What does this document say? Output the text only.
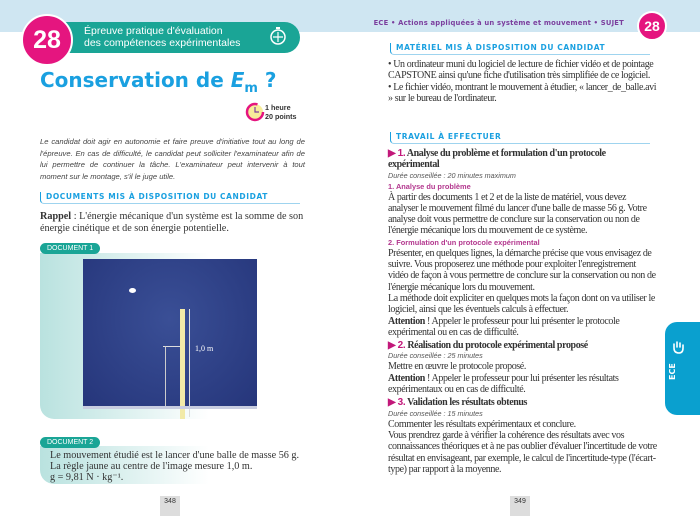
Épreuve pratique d'évaluation
des compétences expérimentales
28
Conservation de $E_m$ ?
1 heure
20 points
Le candidat doit agir en autonomie et faire preuve d'initiative tout au long de l'épreuve. En cas de difficulté, le candidat peut solliciter l'examinateur afin de lui permettre de continuer la tâche. L'examinateur peut intervenir à tout moment sur le montage, s'il le juge utile.
DOCUMENTS MIS À DISPOSITION DU CANDIDAT
Rappel : L'énergie mécanique d'un système est la somme de son énergie cinétique et de son énergie potentielle.
DOCUMENT 1
1,0 m
DOCUMENT 2
Le mouvement étudié est le lancer d'une balle de masse 56 g.
La règle jaune au centre de l'image mesure 1,0 m.
g = 9,81 N · kg⁻¹.
348
ECE • Actions appliquées à un système et mouvement • SUJET	28
MATÉRIEL MIS À DISPOSITION DU CANDIDAT
• Un ordinateur muni du logiciel de lecture de fichier vidéo et de pointage CAPSTONE ainsi qu'une fiche d'utilisation très simplifiée de ce logiciel.
• Le fichier vidéo, montrant le mouvement à étudier, « lancer_de_balle.avi » sur le bureau de l'ordinateur.
TRAVAIL À EFFECTUER
▶ 1. Analyse du problème et formulation d'un protocole expérimental
Durée conseillée : 20 minutes maximum
1. Analyse du problème
À partir des documents 1 et 2 et de la liste de matériel, vous devez analyser le mouvement filmé du lancer d'une balle de masse 56 g. Votre analyse doit vous permettre de conclure sur la conservation ou non de l'énergie mécanique lors du mouvement de ce système.
2. Formulation d'un protocole expérimental
Présenter, en quelques lignes, la démarche précise que vous envisagez de suivre. Vous proposerez une méthode pour exploiter l'enregistrement vidéo de façon à vous permettre de conclure sur la conservation ou non de l'énergie mécanique lors du mouvement.
La méthode doit expliciter en quelques mots la façon dont on va utiliser le logiciel, ainsi que les éventuels calculs à effectuer.
Attention ! Appeler le professeur pour lui présenter le protocole expérimental ou en cas de difficulté.
▶ 2. Réalisation du protocole expérimental proposé
Durée conseillée : 25 minutes
Mettre en œuvre le protocole proposé.
Attention ! Appeler le professeur pour lui présenter les résultats expérimentaux ou en cas de difficulté.
▶ 3. Validation les résultats obtenus
Durée conseillée : 15 minutes
Commenter les résultats expérimentaux et conclure.
Vous prendrez garde à vérifier la cohérence des résultats avec vos connaissances théoriques et à ne pas oublier d'évaluer l'incertitude de votre résultat en envisageant, par exemple, le calcul de l'incertitude-type (l'écart-type) par rapport à la moyenne.
ECE
349
